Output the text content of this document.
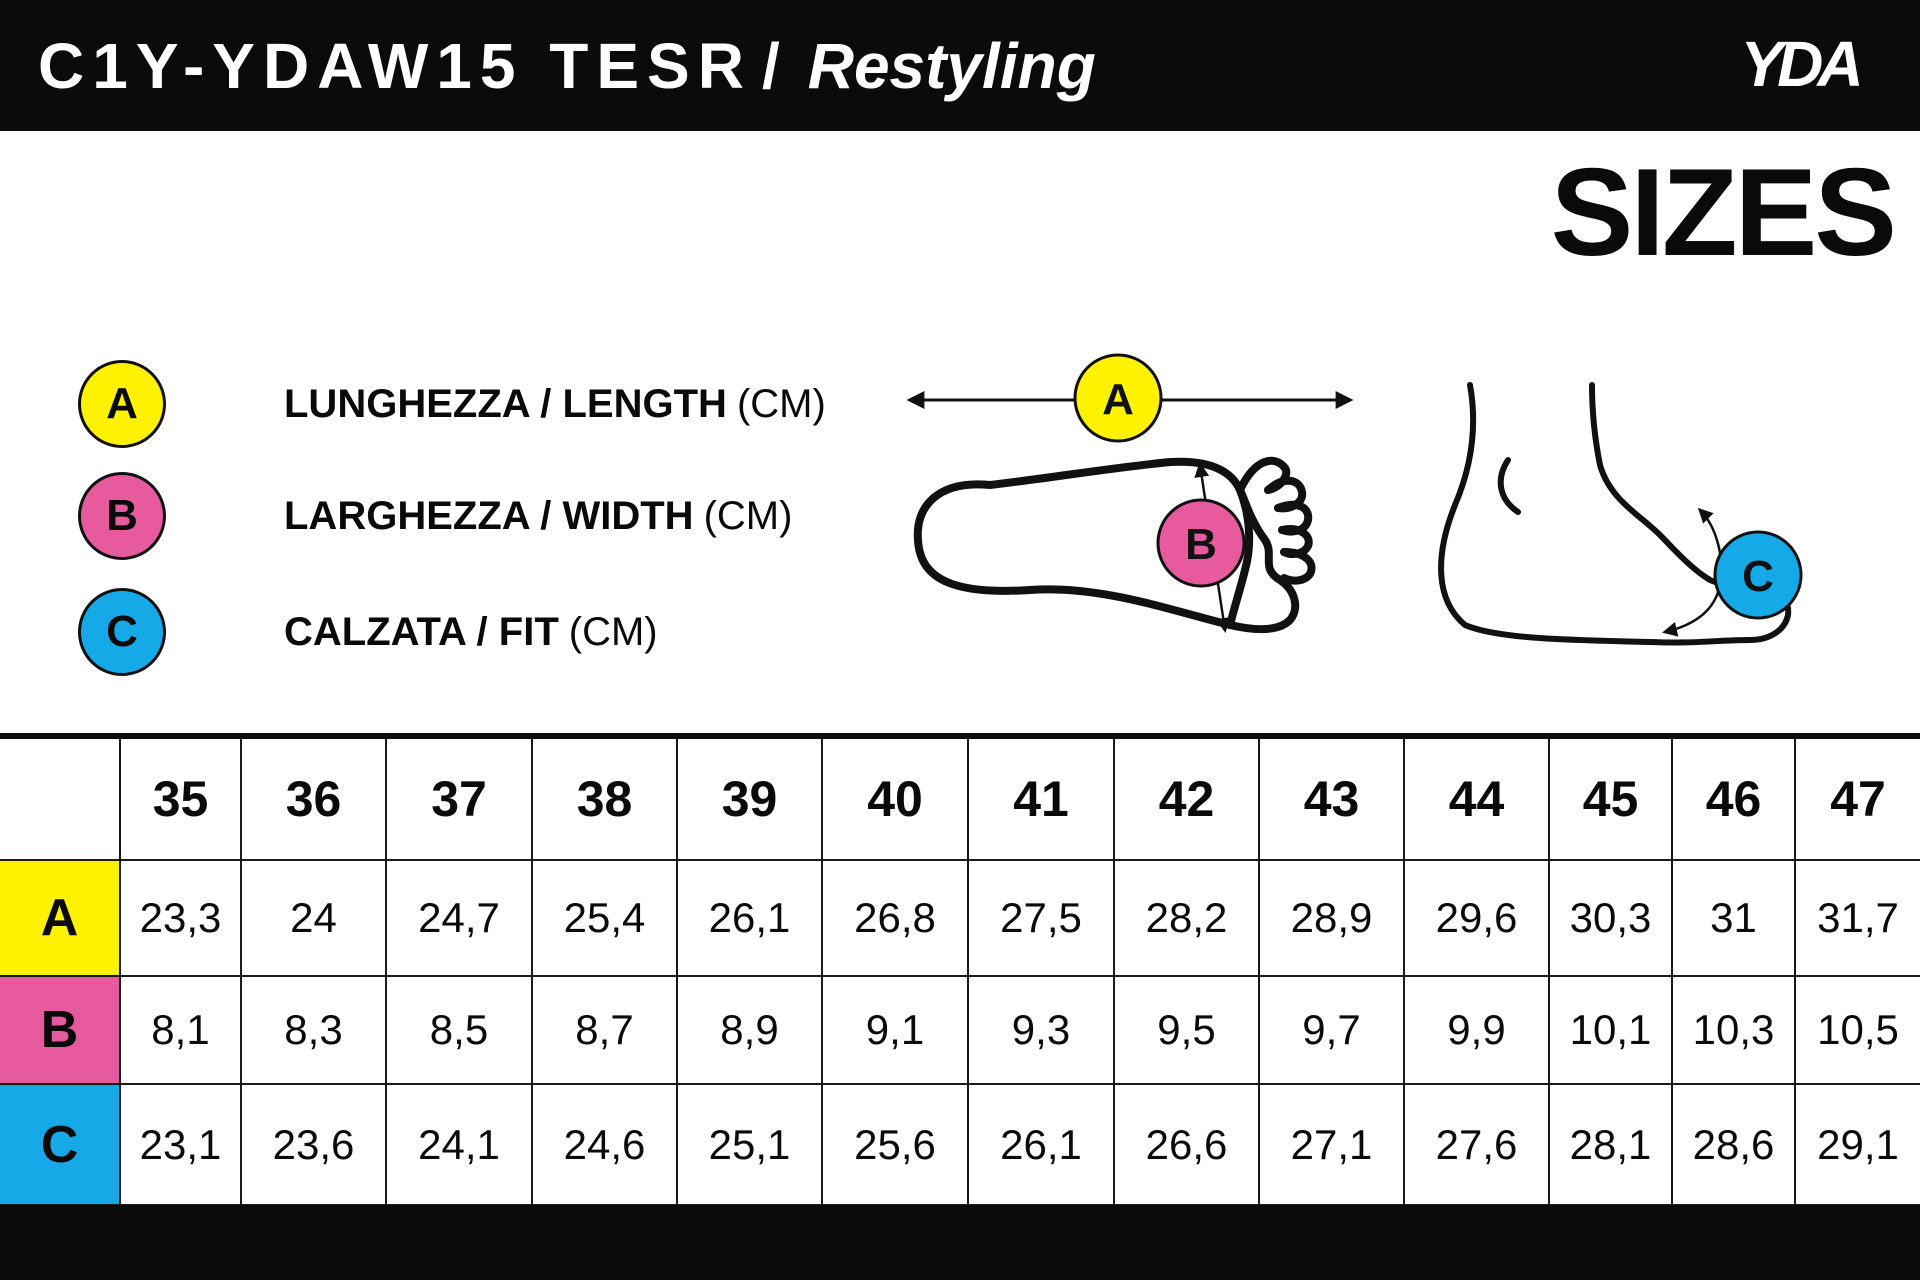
C1Y-YDAW15 TESR / Restyling	YDA
SIZES
A	LUNGHEZZA / LENGTH (CM)
B	LARGHEZZA / WIDTH (CM)
C	CALZATA / FIT (CM)
A
B
C
	35	36	37	38	39	40	41	42	43	44	45	46	47
A	23,3	24	24,7	25,4	26,1	26,8	27,5	28,2	28,9	29,6	30,3	31	31,7
B	8,1	8,3	8,5	8,7	8,9	9,1	9,3	9,5	9,7	9,9	10,1	10,3	10,5
C	23,1	23,6	24,1	24,6	25,1	25,6	26,1	26,6	27,1	27,6	28,1	28,6	29,1
